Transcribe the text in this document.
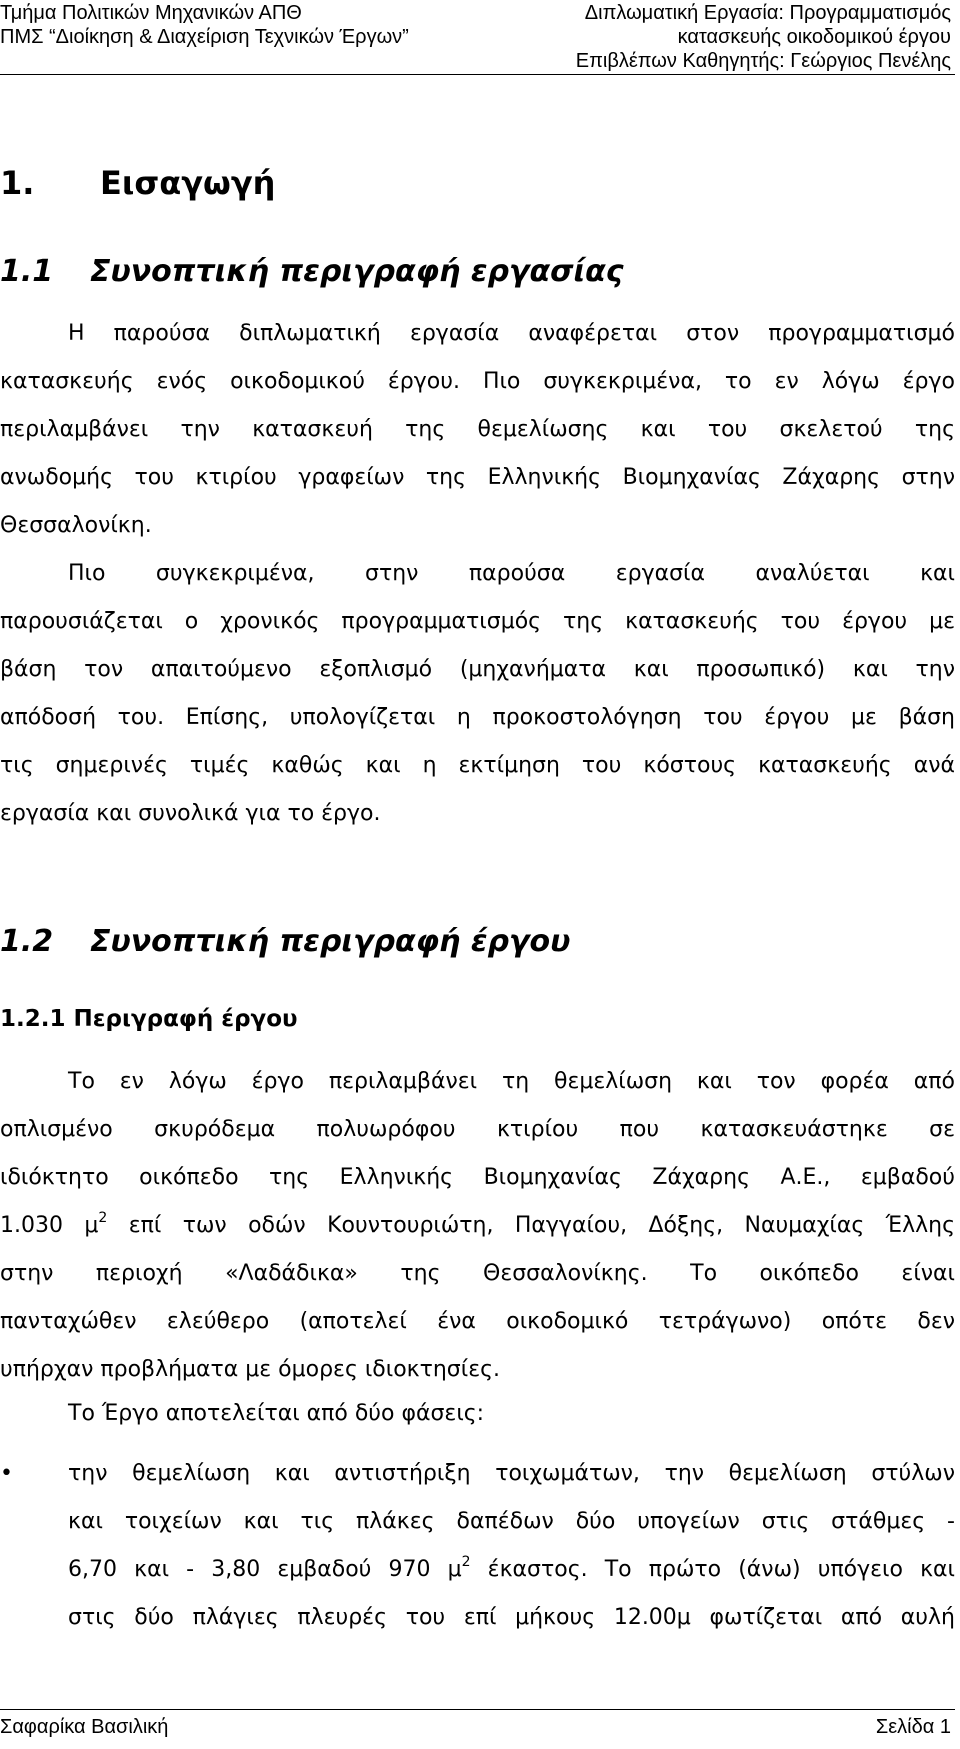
Τμήμα Πολιτικών Μηχανικών ΑΠΘ
ΠΜΣ “Διοίκηση & Διαχείριση Τεχνικών Έργων”
Διπλωματική Εργασία: Προγραμματισμός
κατασκευής οικοδομικού έργου
Επιβλέπων Καθηγητής: Γεώργιος Πενέλης
1. Εισαγωγή
1.1 Συνοπτική περιγραφή εργασίας
Η παρούσα διπλωματική εργασία αναφέρεται στον προγραμματισμό
κατασκευής ενός οικοδομικού έργου. Πιο συγκεκριμένα, το εν λόγω έργο
περιλαμβάνει την κατασκευή της θεμελίωσης και του σκελετού της
ανωδομής του κτιρίου γραφείων της Ελληνικής Βιομηχανίας Ζάχαρης στην
Θεσσαλονίκη.
Πιο συγκεκριμένα, στην παρούσα εργασία αναλύεται και
παρουσιάζεται ο χρονικός προγραμματισμός της κατασκευής του έργου με
βάση τον απαιτούμενο εξοπλισμό (μηχανήματα και προσωπικό) και την
απόδοσή του. Επίσης, υπολογίζεται η προκοστολόγηση του έργου με βάση
τις σημερινές τιμές καθώς και η εκτίμηση του κόστους κατασκευής ανά
εργασία και συνολικά για το έργο.
1.2 Συνοπτική περιγραφή έργου
1.2.1 Περιγραφή έργου
Το εν λόγω έργο περιλαμβάνει τη θεμελίωση και τον φορέα από
οπλισμένο σκυρόδεμα πολυωρόφου κτιρίου που κατασκευάστηκε σε
ιδιόκτητο οικόπεδο της Ελληνικής Βιομηχανίας Ζάχαρης Α.Ε., εμβαδού
1.030 $\mu^2$ επί των οδών Κουντουριώτη, Παγγαίου, Δόξης, Ναυμαχίας Έλλης
στην περιοχή «Λαδάδικα» της Θεσσαλονίκης. Το οικόπεδο είναι
πανταχώθεν ελεύθερο (αποτελεί ένα οικοδομικό τετράγωνο) οπότε δεν
υπήρχαν προβλήματα με όμορες ιδιοκτησίες.
Το Έργο αποτελείται από δύο φάσεις:
•	την θεμελίωση και αντιστήριξη τοιχωμάτων, την θεμελίωση στύλων
και τοιχείων και τις πλάκες δαπέδων δύο υπογείων στις στάθμες -
6,70 και - 3,80 εμβαδού 970 $\mu^2$ έκαστος. Το πρώτο (άνω) υπόγειο και
στις δύο πλάγιες πλευρές του επί μήκους 12.00μ φωτίζεται από αυλή
Σαφαρίκα Βασιλική	Σελίδα 1
